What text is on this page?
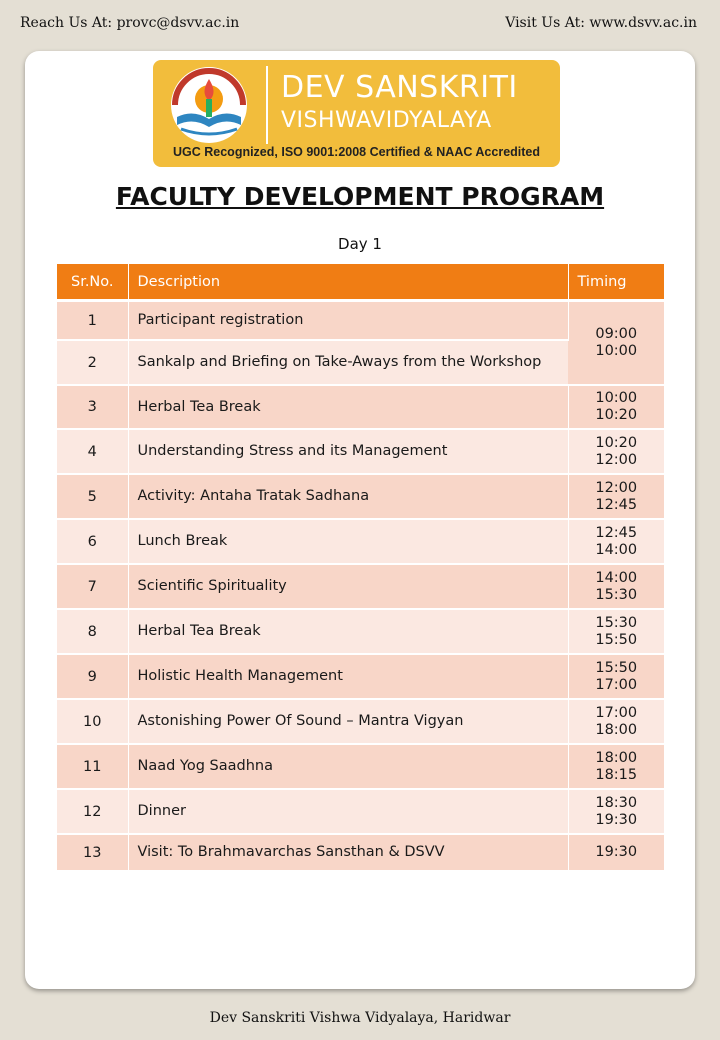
Reach Us At: provc@dsvv.ac.in	Visit Us At: www.dsvv.ac.in
DEV SANSKRITI
VISHWAVIDYALAYA
UGC Recognized, ISO 9001:2008 Certified & NAAC Accredited
FACULTY DEVELOPMENT PROGRAM
Day 1
Sr.No.	Description	Timing

1	Participant registration	09:00
10:00
2	Sankalp and Briefing on Take-Aways from the Workshop	
3	Herbal Tea Break	10:00
10:20
4	Understanding Stress and its Management	10:20
12:00
5	Activity: Antaha Tratak Sadhana	12:00
12:45
6	Lunch Break	12:45
14:00
7	Scientific Spirituality	14:00
15:30
8	Herbal Tea Break	15:30
15:50
9	Holistic Health Management	15:50
17:00
10	Astonishing Power Of Sound – Mantra Vigyan	17:00
18:00
11	Naad Yog Saadhna	18:00
18:15
12	Dinner	18:30
19:30
13	Visit: To Brahmavarchas Sansthan & DSVV	19:30
Dev Sanskriti Vishwa Vidyalaya, Haridwar
